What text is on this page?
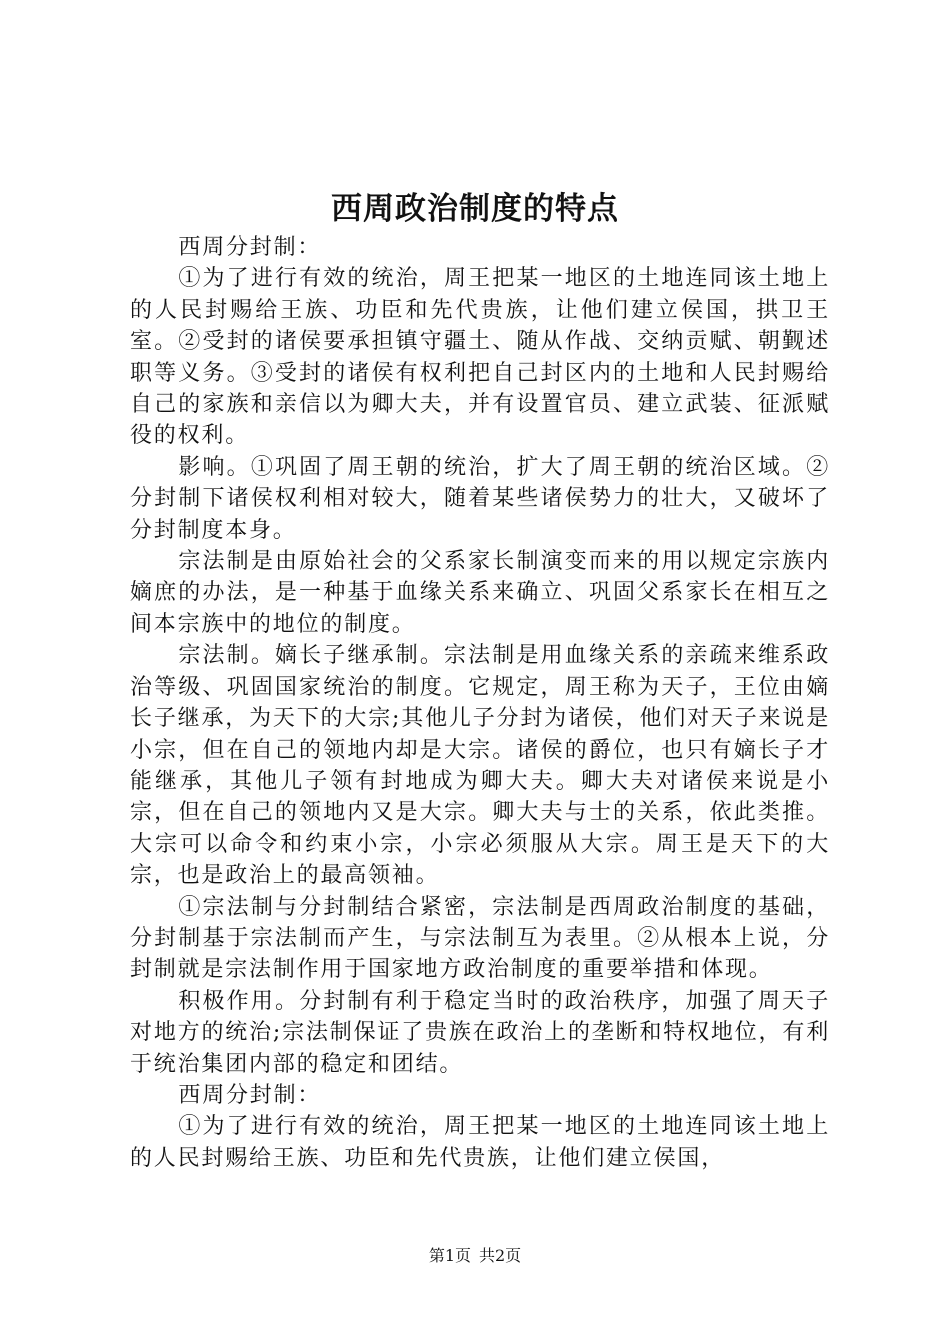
西周政治制度的特点

西周分封制：

①为了进行有效的统治，周王把某一地区的土地连同该土地上的人民封赐给王族、功臣和先代贵族，让他们建立侯国，拱卫王室。②受封的诸侯要承担镇守疆土、随从作战、交纳贡赋、朝觐述职等义务。③受封的诸侯有权利把自己封区内的土地和人民封赐给自己的家族和亲信以为卿大夫，并有设置官员、建立武装、征派赋役的权利。

影响。①巩固了周王朝的统治，扩大了周王朝的统治区域。②分封制下诸侯权利相对较大，随着某些诸侯势力的壮大，又破坏了分封制度本身。

宗法制是由原始社会的父系家长制演变而来的用以规定宗族内嫡庶的办法，是一种基于血缘关系来确立、巩固父系家长在相互之间本宗族中的地位的制度。

宗法制。嫡长子继承制。宗法制是用血缘关系的亲疏来维系政治等级、巩固国家统治的制度。它规定，周王称为天子，王位由嫡长子继承，为天下的大宗;其他儿子分封为诸侯，他们对天子来说是小宗，但在自己的领地内却是大宗。诸侯的爵位，也只有嫡长子才能继承，其他儿子领有封地成为卿大夫。卿大夫对诸侯来说是小宗，但在自己的领地内又是大宗。卿大夫与士的关系，依此类推。大宗可以命令和约束小宗，小宗必须服从大宗。周王是天下的大宗，也是政治上的最高领袖。

①宗法制与分封制结合紧密，宗法制是西周政治制度的基础，分封制基于宗法制而产生，与宗法制互为表里。②从根本上说，分封制就是宗法制作用于国家地方政治制度的重要举措和体现。

积极作用。分封制有利于稳定当时的政治秩序，加强了周天子对地方的统治;宗法制保证了贵族在政治上的垄断和特权地位，有利于统治集团内部的稳定和团结。

西周分封制：

①为了进行有效的统治，周王把某一地区的土地连同该土地上的人民封赐给王族、功臣和先代贵族，让他们建立侯国，

第1页 共2页
